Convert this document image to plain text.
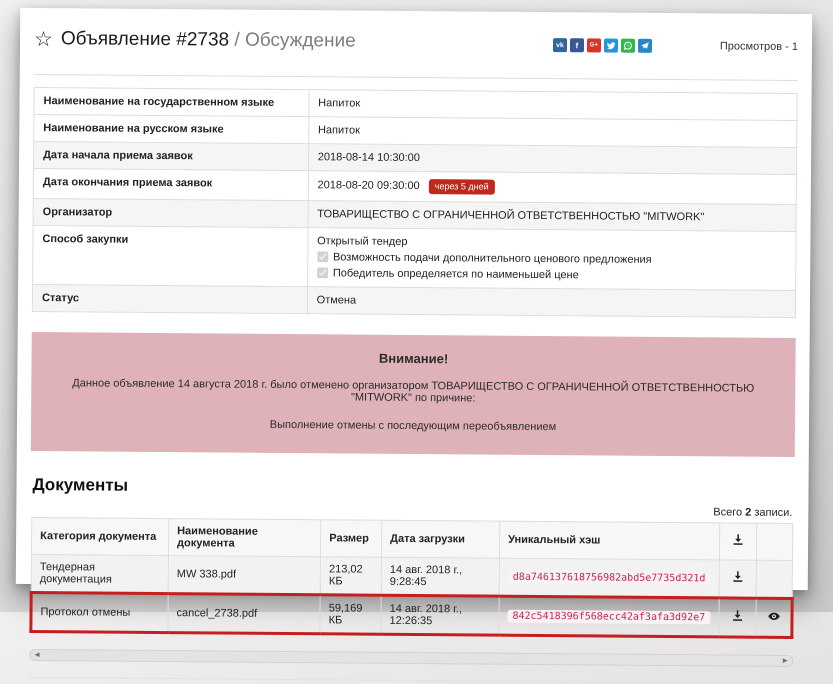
☆ Объявление #2738 / Обсуждение	vk f G+	Просмотров - 1
Наименование на государственном языке	Напиток
Наименование на русском языке	Напиток
Дата начала приема заявок	2018-08-14 10:30:00
Дата окончания приема заявок	2018-08-20 09:30:00 через 5 дней
Организатор	ТОВАРИЩЕСТВО С ОГРАНИЧЕННОЙ ОТВЕТСТВЕННОСТЬЮ "MITWORK"
Способ закупки	Открытый тендер
Возможность подачи дополнительного ценового предложения
Победитель определяется по наименьшей цене

Статус	Отмена
Внимание!
Данное объявление 14 августа 2018 г. было отменено организатором ТОВАРИЩЕСТВО С ОГРАНИЧЕННОЙ ОТВЕТСТВЕННОСТЬЮ "MITWORK" по причине:
Выполнение отмены с последующим переобъявлением
Документы
Всего 2 записи.
Категория документа	Наименование документа	Размер	Дата загрузки	Уникальный хэш	

Тендерная документация	MW 338.pdf	213,02 КБ	14 авг. 2018 г., 9:28:45	d8a746137618756982abd5e7735d321d	

Протокол отмены	cancel_2738.pdf	59,169 КБ	14 авг. 2018 г., 12:26:35	842c5418396f568ecc42af3afa3d92e7	

◄
►
